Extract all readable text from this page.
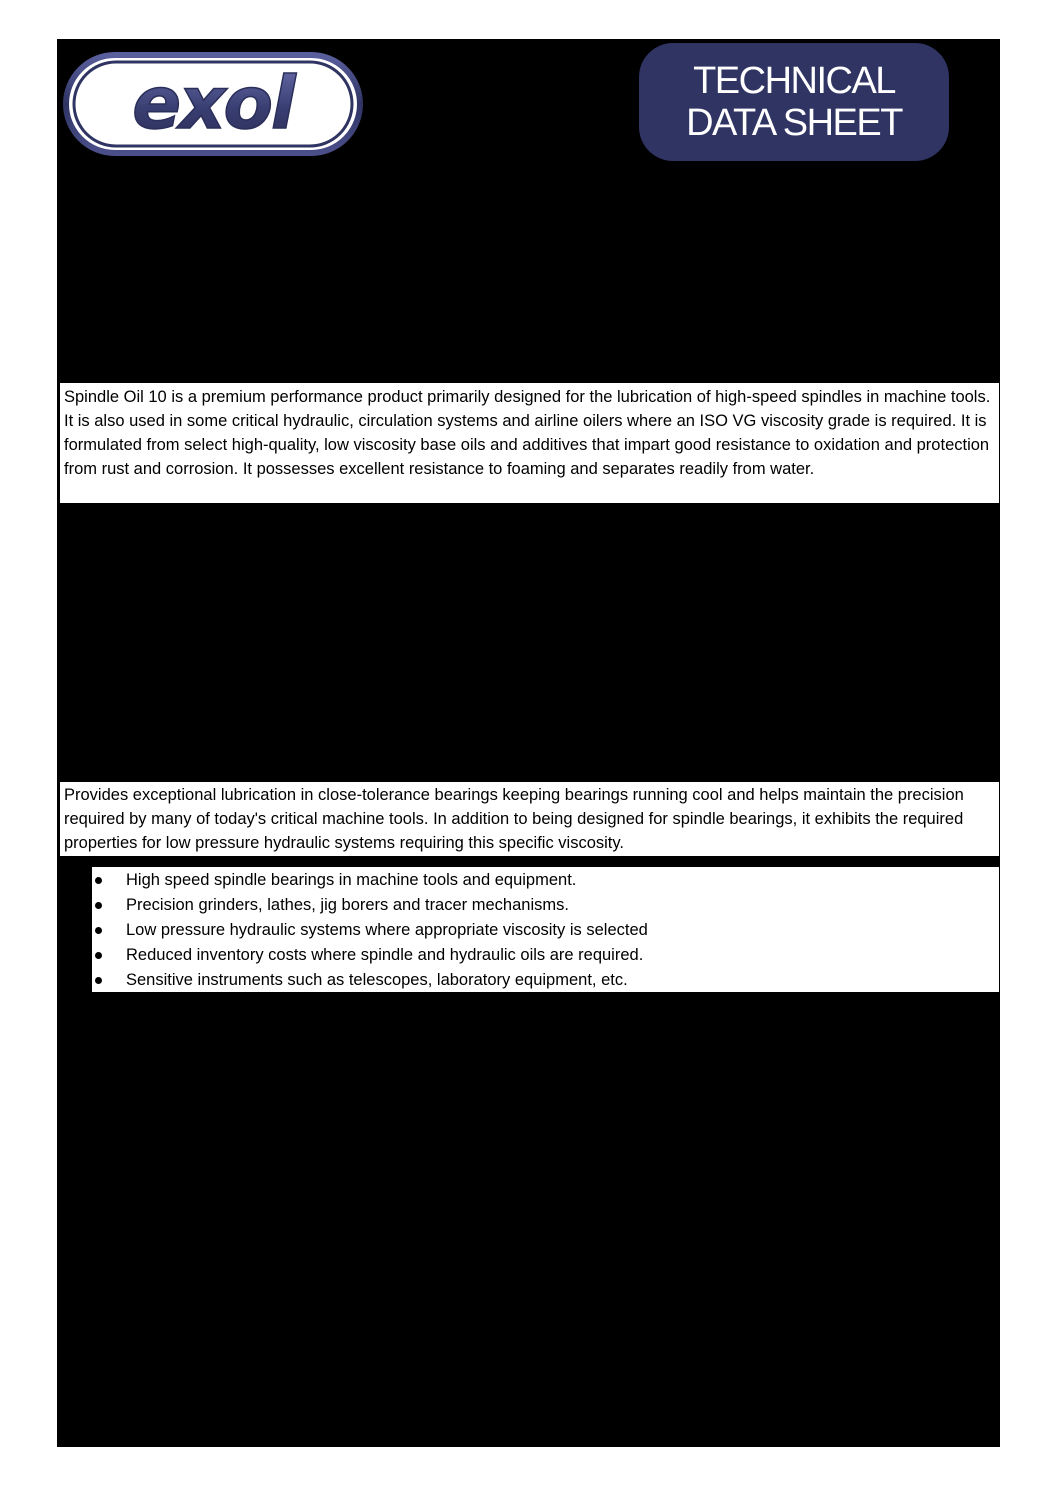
exol	TECHNICAL
DATA SHEET
Spindle Oil 10 is a premium performance product primarily designed for the lubrication of high-speed spindles in machine tools. It is also used in some critical hydraulic, circulation systems and airline oilers where an ISO VG viscosity grade is required. It is formulated from select high-quality, low viscosity base oils and additives that impart good resistance to oxidation and protection from rust and corrosion. It possesses excellent resistance to foaming and separates readily from water.
Provides exceptional lubrication in close-tolerance bearings keeping bearings running cool and helps maintain the precision required by many of today's critical machine tools. In addition to being designed for spindle bearings, it exhibits the required properties for low pressure hydraulic systems requiring this specific viscosity.
High speed spindle bearings in machine tools and equipment.
Precision grinders, lathes, jig borers and tracer mechanisms.
Low pressure hydraulic systems where appropriate viscosity is selected
Reduced inventory costs where spindle and hydraulic oils are required.
Sensitive instruments such as telescopes, laboratory equipment, etc.
